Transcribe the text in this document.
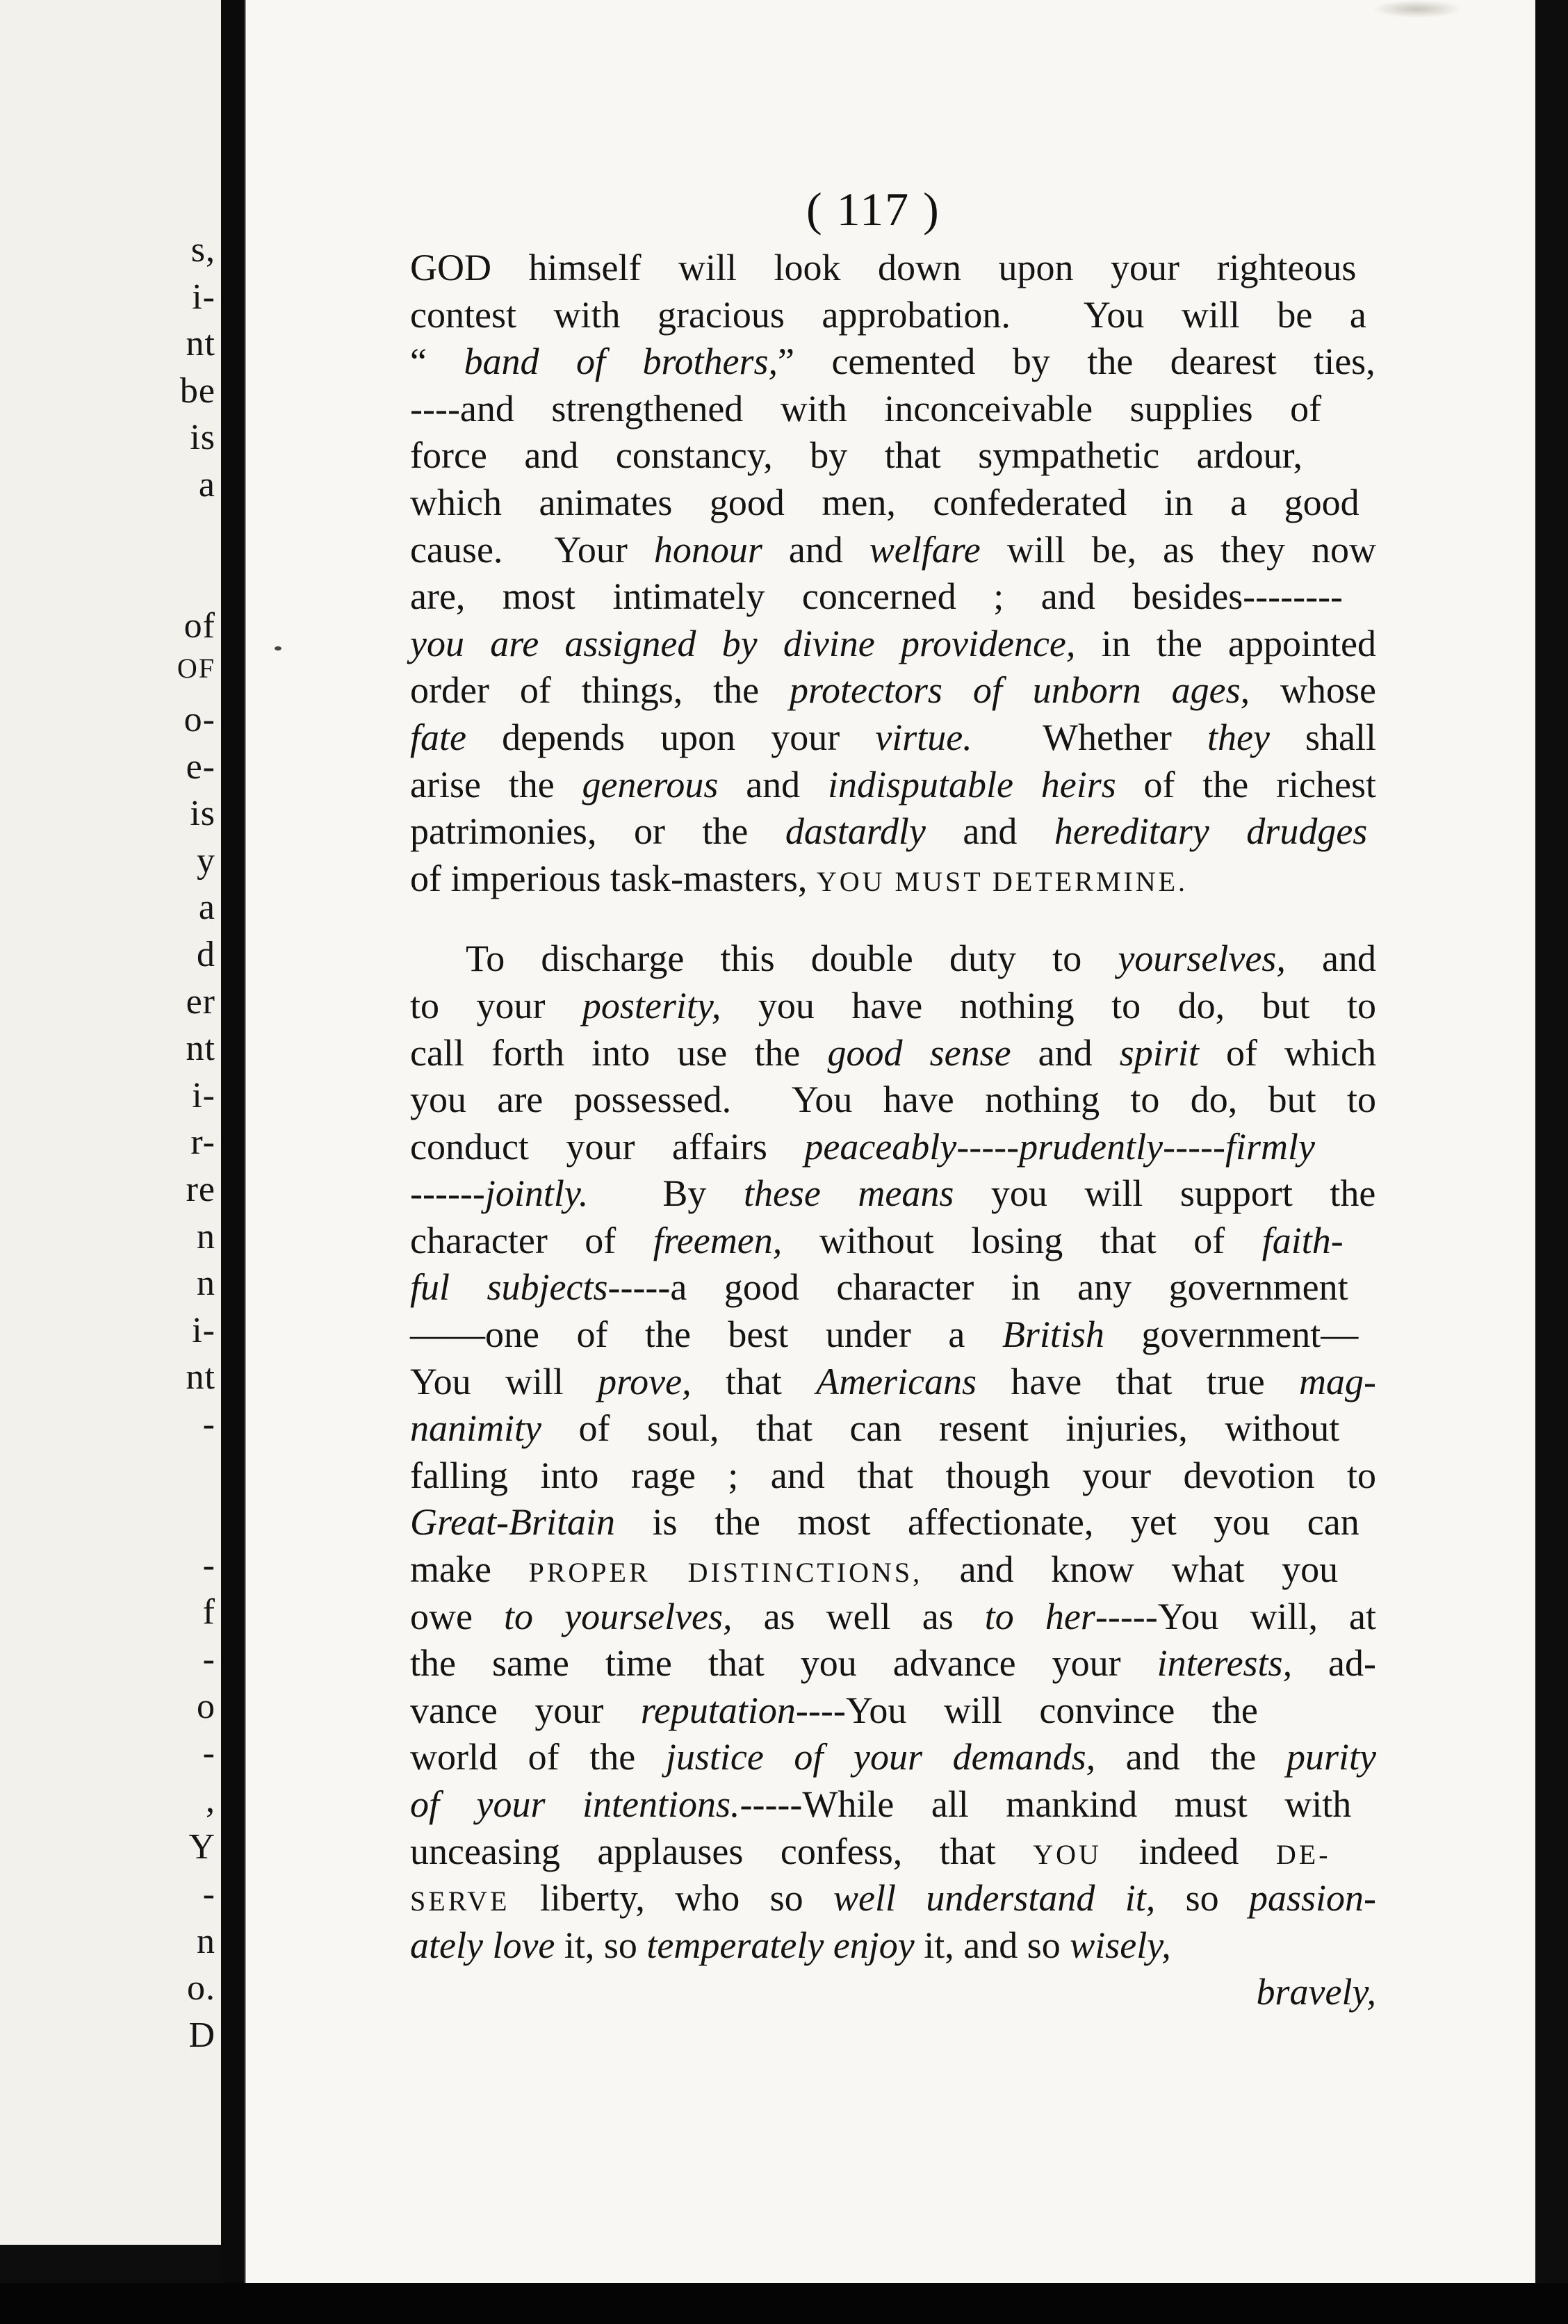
s,
i-
nt
be
is
a
of
OF
o-
e-
is
y
a
d
er
nt
i-
r-
re
n
n
i-
nt
-
-
f
-
o
-
,
Y
-
n
o.
D
( 117 )
GOD h imself will look down upon your righteous
contest with gracious approbation.  You will be a
“ band of brothers, ” cemented by the dearest ties,
----and strengthened with inconceivable supplies of
force and constancy, by that sympathetic ardour,
which animates good men, confederated in a good
cause.  Your honour and welfare will be, as they now
are, most intimately concerned ; and besides--------
you are assigned by divine providence, in the appointed
order of things, the protectors of unborn ages, whose
fate depends upon your virtue. Whether they shall
arise the generous and indisputable heirs of the richest
patrimonies, or the dastardly and hereditary drudges
of imperious task-masters, YOU MUST DETERMINE.
To discharge this double duty to yourselves, and
to your posterity, you have nothing to do, but to
call forth into use the good sense and spirit of which
you are possessed.  You have nothing to do, but to
conduct your affairs peaceably-----prudently-----firmly
------jointly. By these means you will support the
character of freemen, without losing that of faith-
ful subjects -----a good character in any government
——one of the best under a British government—
You will prove, that Americans have that true mag-
nanimity of soul, that can resent injuries, without
falling into rage ; and that though your devotion to
Great-Britain is the most affectionate, yet you can
make PROPER DISTINCTIONS, and know what you
owe to yourselves, as well as to her -----You will, at
the same time that you advance your interests, ad-
vance your reputation ----You will convince the
world of the justice of your demands, and the purity
of your intentions. -----While all mankind must with
unceasing applauses confess, that YOU indeed DE-
SERVE liberty, who so well understand it, so passion-
ately love it, so temperately enjoy it, and so wisely,
bravely,
